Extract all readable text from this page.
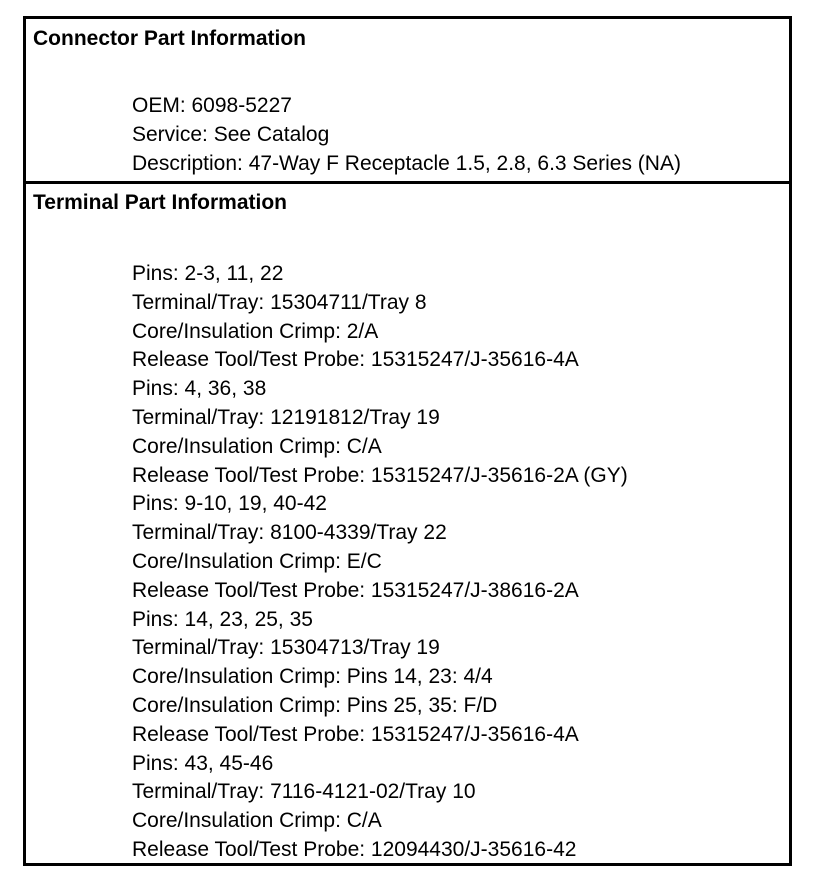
Connector Part Information
OEM: 6098-5227
Service: See Catalog
Description: 47-Way F Receptacle 1.5, 2.8, 6.3 Series (NA)
Terminal Part Information
Pins: 2-3, 11, 22
Terminal/Tray: 15304711/Tray 8
Core/Insulation Crimp: 2/A
Release Tool/Test Probe: 15315247/J-35616-4A
Pins: 4, 36, 38
Terminal/Tray: 12191812/Tray 19
Core/Insulation Crimp: C/A
Release Tool/Test Probe: 15315247/J-35616-2A (GY)
Pins: 9-10, 19, 40-42
Terminal/Tray: 8100-4339/Tray 22
Core/Insulation Crimp: E/C
Release Tool/Test Probe: 15315247/J-38616-2A
Pins: 14, 23, 25, 35
Terminal/Tray: 15304713/Tray 19
Core/Insulation Crimp: Pins 14, 23: 4/4
Core/Insulation Crimp: Pins 25, 35: F/D
Release Tool/Test Probe: 15315247/J-35616-4A
Pins: 43, 45-46
Terminal/Tray: 7116-4121-02/Tray 10
Core/Insulation Crimp: C/A
Release Tool/Test Probe: 12094430/J-35616-42
